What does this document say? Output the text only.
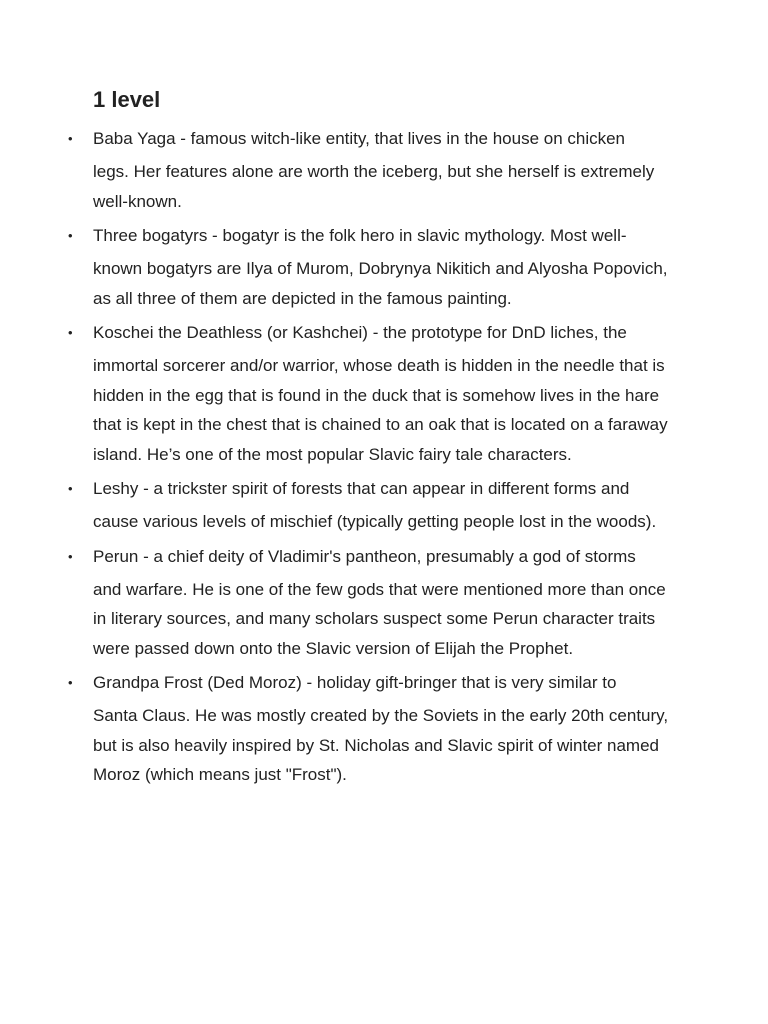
1 level
•	Baba Yaga - famous witch-like entity, that lives in the house on chicken
legs. Her features alone are worth the iceberg, but she herself is extremely well-known.
•	Three bogatyrs - bogatyr is the folk hero in slavic mythology. Most well-
known bogatyrs are Ilya of Murom, Dobrynya Nikitich and Alyosha Popovich, as all three of them are depicted in the famous painting.
•	Koschei the Deathless (or Kashchei) - the prototype for DnD liches, the
immortal sorcerer and/or warrior, whose death is hidden in the needle that is hidden in the egg that is found in the duck that is somehow lives in the hare that is kept in the chest that is chained to an oak that is located on a faraway island. He’s one of the most popular Slavic fairy tale characters.
•	Leshy - a trickster spirit of forests that can appear in different forms and
cause various levels of mischief (typically getting people lost in the woods).
•	Perun - a chief deity of Vladimir's pantheon, presumably a god of storms
and warfare. He is one of the few gods that were mentioned more than once in literary sources, and many scholars suspect some Perun character traits were passed down onto the Slavic version of Elijah the Prophet.
•	Grandpa Frost (Ded Moroz) - holiday gift-bringer that is very similar to
Santa Claus. He was mostly created by the Soviets in the early 20th century, but is also heavily inspired by St. Nicholas and Slavic spirit of winter named Moroz (which means just "Frost").
